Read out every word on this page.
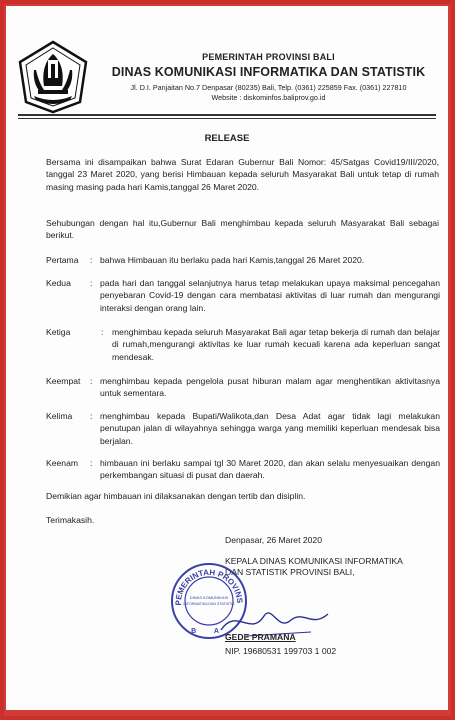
PEMERINTAH PROVINSI BALI
DINAS KOMUNIKASI INFORMATIKA DAN STATISTIK
Jl. D.I. Panjaitan No.7 Denpasar (80235) Bali, Telp. (0361) 225859 Fax. (0361) 227810
Website : diskominfos.baliprov.go.id
RELEASE
Bersama ini disampaikan bahwa Surat Edaran Gubernur Bali Nomor: 45/Satgas Covid19/III/2020, tanggal 23 Maret 2020, yang berisi Himbauan kepada seluruh Masyarakat Bali untuk tetap di rumah masing masing pada hari Kamis,tanggal 26 Maret 2020.
Sehubungan dengan hal itu,Gubernur Bali menghimbau kepada seluruh Masyarakat Bali sebagai berikut.
Pertama	: bahwa Himbauan itu berlaku pada hari Kamis,tanggal 26 Maret 2020.
Kedua	: pada hari dan tanggal selanjutnya harus tetap melakukan upaya maksimal pencegahan penyebaran Covid-19 dengan cara membatasi aktivitas di luar rumah dan mengurangi interaksi dengan orang lain.
Ketiga	:	menghimbau kepada seluruh Masyarakat Bali agar tetap bekerja di rumah dan belajar di rumah,mengurangi aktivitas ke luar rumah kecuali karena ada keperluan sangat mendesak.
Keempat	: menghimbau kepada pengelola pusat hiburan malam agar menghentikan aktivitasnya untuk sementara.
Kelima	: menghimbau kepada Bupati/Walikota,dan Desa Adat agar tidak lagi melakukan penutupan jalan di wilayahnya sehingga warga yang memiliki keperluan mendesak bisa berjalan.
Keenam	: himbauan ini berlaku sampai tgl 30 Maret 2020, dan akan selalu menyesuaikan dengan perkembangan situasi di pusat dan daerah.
Demikian agar himbauan ini dilaksanakan dengan tertib dan disiplin.
Terimakasih.
Denpasar, 26 Maret 2020
KEPALA DINAS KOMUNIKASI INFORMATIKA
DAN STATISTIK PROVINSI BALI,
PEMERINTAH PROVINS
DINAS KOMUNIKASI
INFORMATIKA DAN STATISTIK
B A
GEDE PRAMANA
NIP. 19680531 199703 1 002
